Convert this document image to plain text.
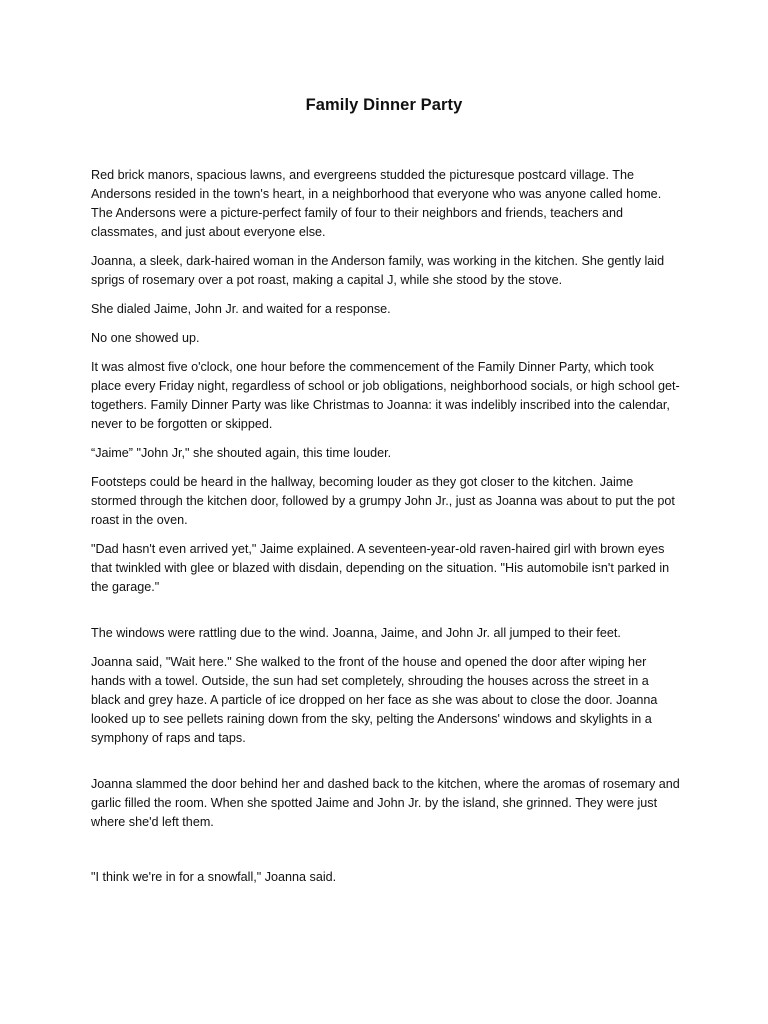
Family Dinner Party

Red brick manors, spacious lawns, and evergreens studded the picturesque postcard village. The Andersons resided in the town's heart, in a neighborhood that everyone who was anyone called home. The Andersons were a picture-perfect family of four to their neighbors and friends, teachers and classmates, and just about everyone else.

Joanna, a sleek, dark-haired woman in the Anderson family, was working in the kitchen. She gently laid sprigs of rosemary over a pot roast, making a capital J, while she stood by the stove.

She dialed Jaime, John Jr. and waited for a response.

No one showed up.

It was almost five o'clock, one hour before the commencement of the Family Dinner Party, which took place every Friday night, regardless of school or job obligations, neighborhood socials, or high school get-togethers. Family Dinner Party was like Christmas to Joanna: it was indelibly inscribed into the calendar, never to be forgotten or skipped.

“Jaime” "John Jr," she shouted again, this time louder.

Footsteps could be heard in the hallway, becoming louder as they got closer to the kitchen. Jaime stormed through the kitchen door, followed by a grumpy John Jr., just as Joanna was about to put the pot roast in the oven.

"Dad hasn't even arrived yet," Jaime explained. A seventeen-year-old raven-haired girl with brown eyes that twinkled with glee or blazed with disdain, depending on the situation. "His automobile isn't parked in the garage."

The windows were rattling due to the wind. Joanna, Jaime, and John Jr. all jumped to their feet.

Joanna said, "Wait here." She walked to the front of the house and opened the door after wiping her hands with a towel. Outside, the sun had set completely, shrouding the houses across the street in a black and grey haze. A particle of ice dropped on her face as she was about to close the door. Joanna looked up to see pellets raining down from the sky, pelting the Andersons' windows and skylights in a symphony of raps and taps.

Joanna slammed the door behind her and dashed back to the kitchen, where the aromas of rosemary and garlic filled the room. When she spotted Jaime and John Jr. by the island, she grinned. They were just where she'd left them.

"I think we're in for a snowfall," Joanna said.
